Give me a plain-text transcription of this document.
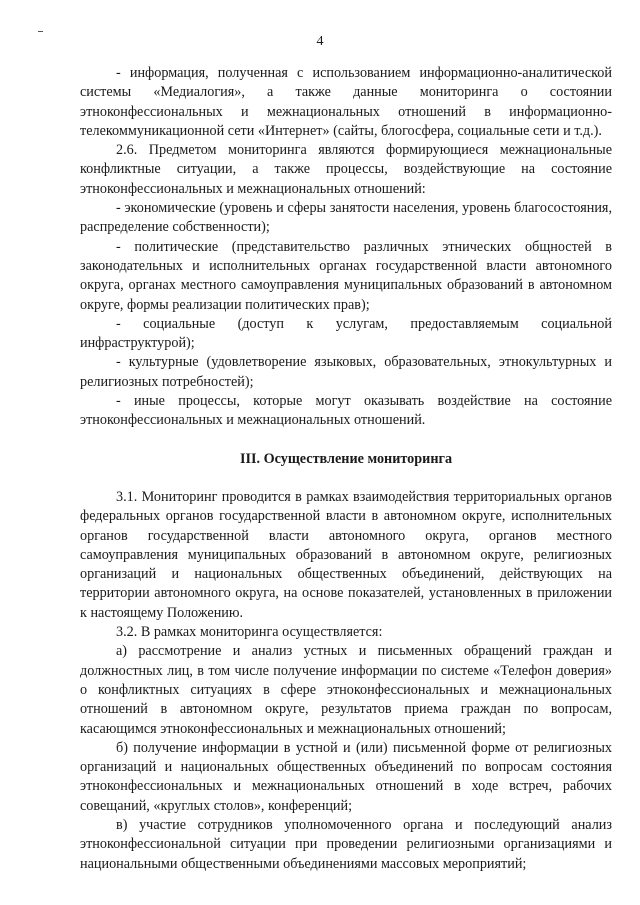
4

- информация, полученная с использованием информационно-аналитической системы «Медиалогия», а также данные мониторинга о состоянии этноконфессиональных и межнациональных отношений в информационно-телекоммуникационной сети «Интернет» (сайты, блогосфера, социальные сети и т.д.).

2.6. Предметом мониторинга являются формирующиеся межнациональные конфликтные ситуации, а также процессы, воздействующие на состояние этноконфессиональных и межнациональных отношений:

- экономические (уровень и сферы занятости населения, уровень благосостояния, распределение собственности);

- политические (представительство различных этнических общностей в законодательных и исполнительных органах государственной власти автономного округа, органах местного самоуправления муниципальных образований в автономном округе, формы реализации политических прав);

- социальные (доступ к услугам, предоставляемым социальной инфраструктурой);

- культурные (удовлетворение языковых, образовательных, этнокультурных и религиозных потребностей);

- иные процессы, которые могут оказывать воздействие на состояние этноконфессиональных и межнациональных отношений.

III. Осуществление мониторинга

3.1. Мониторинг проводится в рамках взаимодействия территориальных органов федеральных органов государственной власти в автономном округе, исполнительных органов государственной власти автономного округа, органов местного самоуправления муниципальных образований в автономном округе, религиозных организаций и национальных общественных объединений, действующих на территории автономного округа, на основе показателей, установленных в приложении к настоящему Положению.

3.2. В рамках мониторинга осуществляется:

а) рассмотрение и анализ устных и письменных обращений граждан и должностных лиц, в том числе получение информации по системе «Телефон доверия» о конфликтных ситуациях в сфере этноконфессиональных и межнациональных отношений в автономном округе, результатов приема граждан по вопросам, касающимся этноконфессиональных и межнациональных отношений;

б) получение информации в устной и (или) письменной форме от религиозных организаций и национальных общественных объединений по вопросам состояния этноконфессиональных и межнациональных отношений в ходе встреч, рабочих совещаний, «круглых столов», конференций;

в) участие сотрудников уполномоченного органа и последующий анализ этноконфессиональной ситуации при проведении религиозными организациями и национальными общественными объединениями массовых мероприятий;
